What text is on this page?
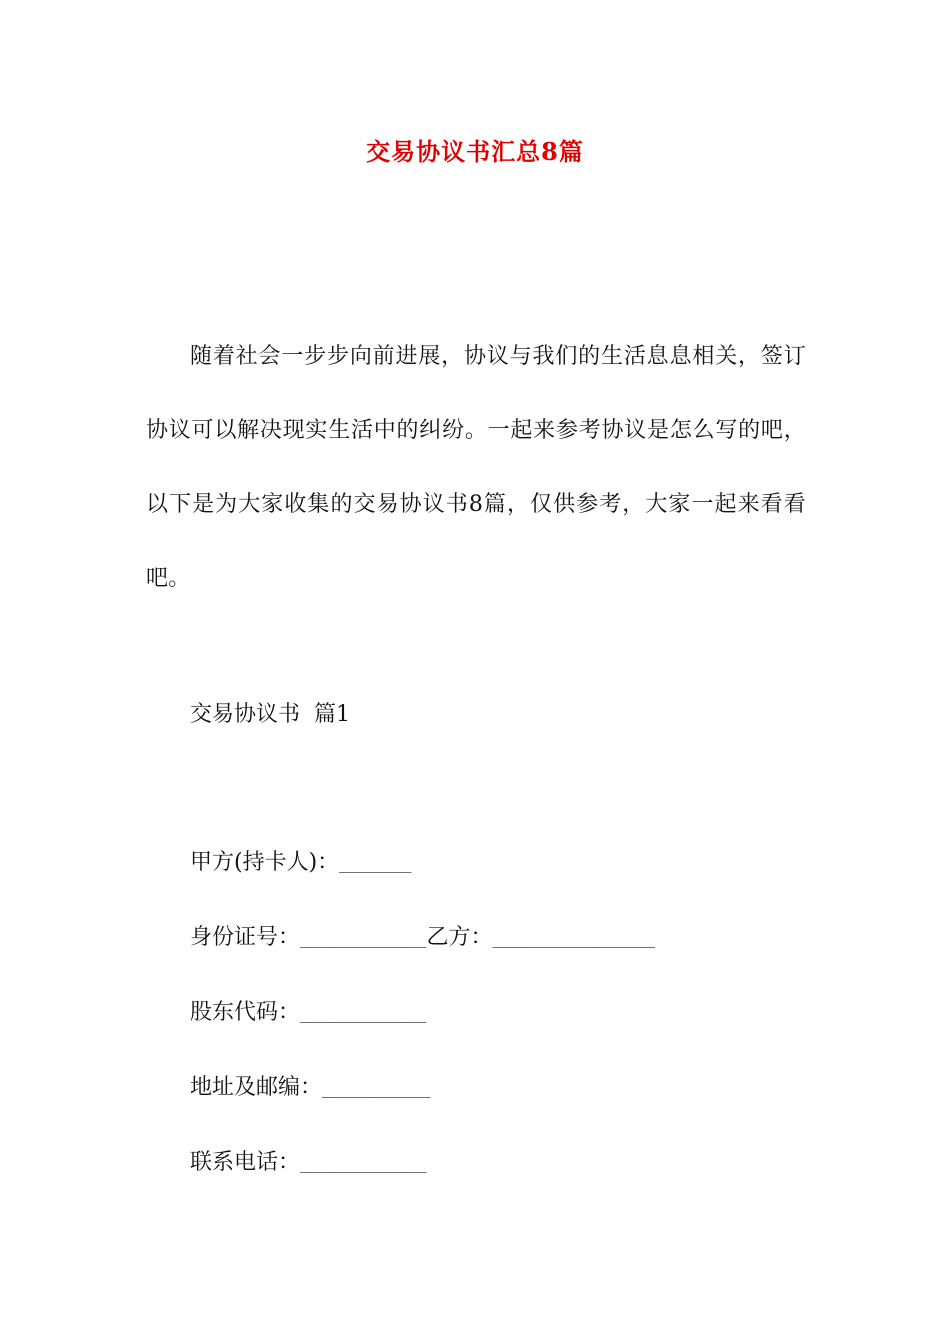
交易协议书汇总8篇

随着社会一步步向前进展，协议与我们的生活息息相关，签订协议可以解决现实生活中的纠纷。一起来参考协议是怎么写的吧，以下是为大家收集的交易协议书8篇，仅供参考，大家一起来看看吧。

交易协议书  篇1
甲方(持卡人)：________
身份证号：______________乙方：__________________
股东代码：______________
地址及邮编：____________
联系电话：______________
